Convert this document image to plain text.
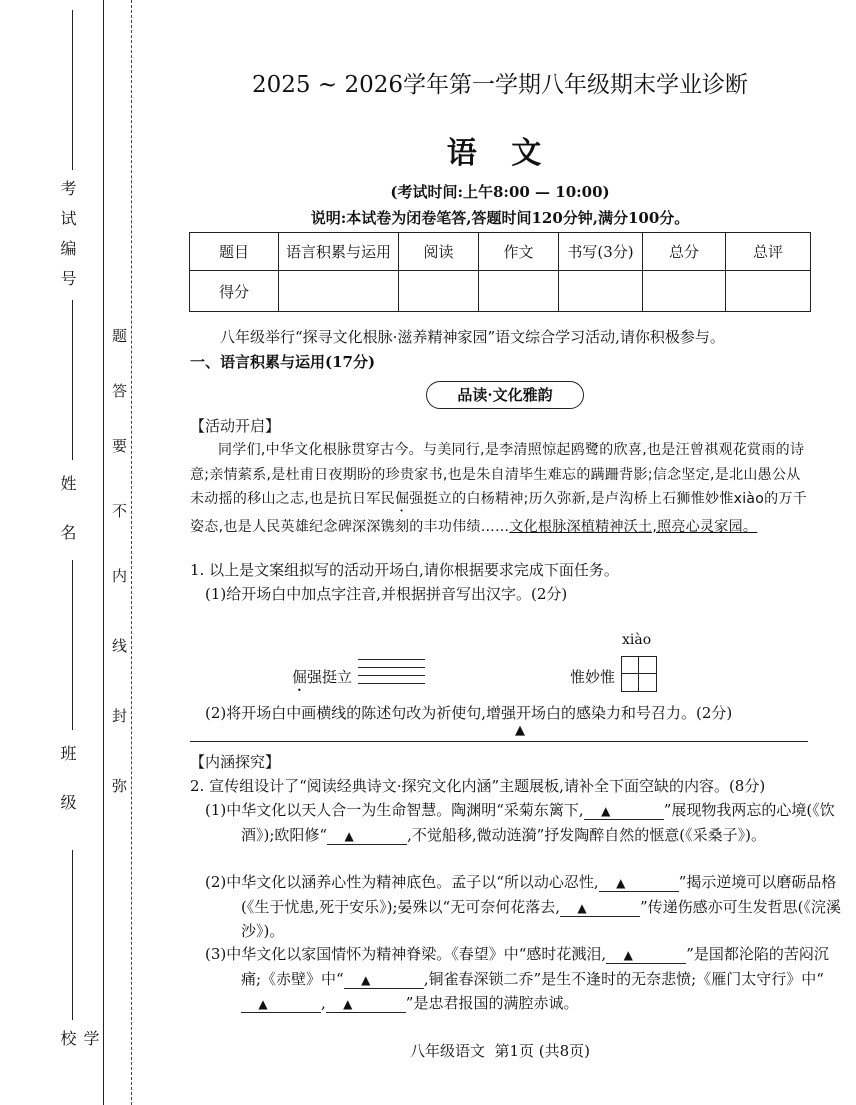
考试编号
姓 名
班 级
学 校
题
答
要
不
内
线
封
弥
2025 ~ 2026学年第一学期八年级期末学业诊断
语 文
(考试时间:上午8:00 — 10:00)
说明:本试卷为闭卷笔答,答题时间120分钟,满分100分。
题目	语言积累与运用	阅读	作文	书写(3分)	总分	总评
得分						
八年级举行“探寻文化根脉·滋养精神家园”语文综合学习活动,请你积极参与。
一、语言积累与运用(17分)
品读·文化雅韵
【活动开启】
同学们,中华文化根脉贯穿古今。与美同行,是李清照惊起鸥鹭的欣喜,也是汪曾祺观花赏雨的诗意;亲情萦系,是杜甫日夜期盼的珍贵家书,也是朱自清毕生难忘的蹒跚背影;信念坚定,是北山愚公从未动摇的移山之志,也是抗日军民倔强挺立的白杨精神;历久弥新,是卢沟桥上石狮惟妙惟xiào的万千姿态,也是人民英雄纪念碑深深镌刻的丰功伟绩……文化根脉深植精神沃土,照亮心灵家园。
1. 以上是文案组拟写的活动开场白,请你根据要求完成下面任务。
(1)给开场白中加点字注音,并根据拼音写出汉字。(2分)
倔强挺立
xiào
惟妙惟
(2)将开场白中画横线的陈述句改为祈使句,增强开场白的感染力和号召力。(2分)
▲
【内涵探究】
2. 宣传组设计了“阅读经典诗文·探究文化内涵”主题展板,请补全下面空缺的内容。(8分)
(1)中华文化以天人合一为生命智慧。陶渊明“采菊东篱下, ▲	”展现物我两忘的心境(《饮酒》);欧阳修“ ▲	,不觉船移,微动涟漪”抒发陶醉自然的惬意(《采桑子》)。
(2)中华文化以涵养心性为精神底色。孟子以“所以动心忍性, ▲	”揭示逆境可以磨砺品格(《生于忧患,死于安乐》);晏殊以“无可奈何花落去, ▲	”传递伤感亦可生发哲思(《浣溪沙》)。
(3)中华文化以家国情怀为精神脊梁。《春望》中“感时花溅泪, ▲	”是国都沦陷的苦闷沉痛;《赤壁》中“ ▲	,铜雀春深锁二乔”是生不逢时的无奈悲愤;《雁门太守行》中“▲	, ▲	”是忠君报国的满腔赤诚。
八年级语文  第1页 (共8页)
